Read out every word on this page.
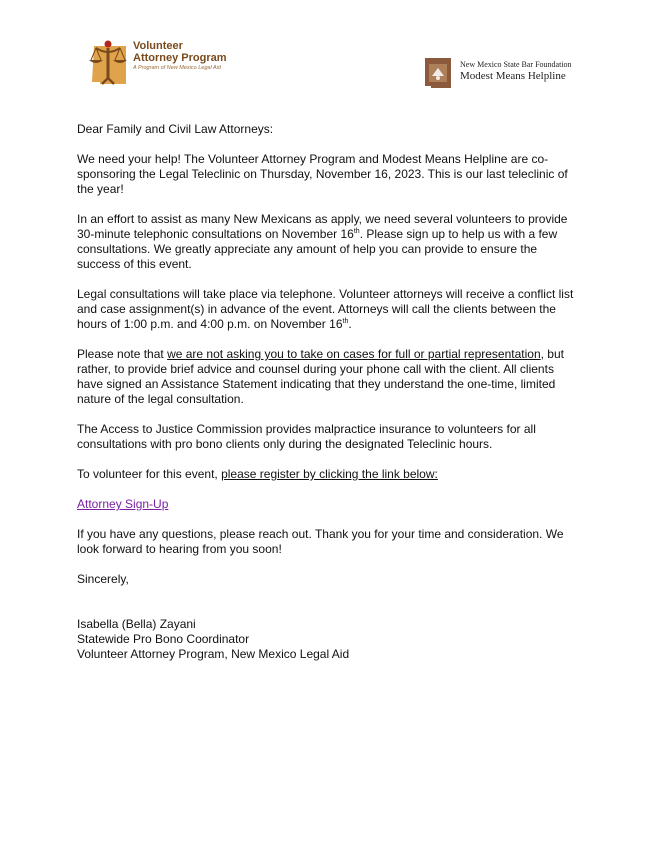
Volunteer
Attorney Program
A Program of New Mexico Legal Aid	New Mexico State Bar Foundation
Modest Means Helpline

Dear Family and Civil Law Attorneys:

We need your help! The Volunteer Attorney Program and Modest Means Helpline are co-sponsoring the Legal Teleclinic on Thursday, November 16, 2023. This is our last teleclinic of the year!

In an effort to assist as many New Mexicans as apply, we need several volunteers to provide 30-minute telephonic consultations on November 16th. Please sign up to help us with a few consultations. We greatly appreciate any amount of help you can provide to ensure the success of this event.

Legal consultations will take place via telephone. Volunteer attorneys will receive a conflict list and case assignment(s) in advance of the event. Attorneys will call the clients between the hours of 1:00 p.m. and 4:00 p.m. on November 16th.

Please note that we are not asking you to take on cases for full or partial representation, but rather, to provide brief advice and counsel during your phone call with the client. All clients have signed an Assistance Statement indicating that they understand the one-time, limited nature of the legal consultation.

The Access to Justice Commission provides malpractice insurance to volunteers for all consultations with pro bono clients only during the designated Teleclinic hours.

To volunteer for this event, please register by clicking the link below:

Attorney Sign-Up

If you have any questions, please reach out. Thank you for your time and consideration. We look forward to hearing from you soon!

Sincerely,

Isabella (Bella) Zayani
Statewide Pro Bono Coordinator
Volunteer Attorney Program, New Mexico Legal Aid
